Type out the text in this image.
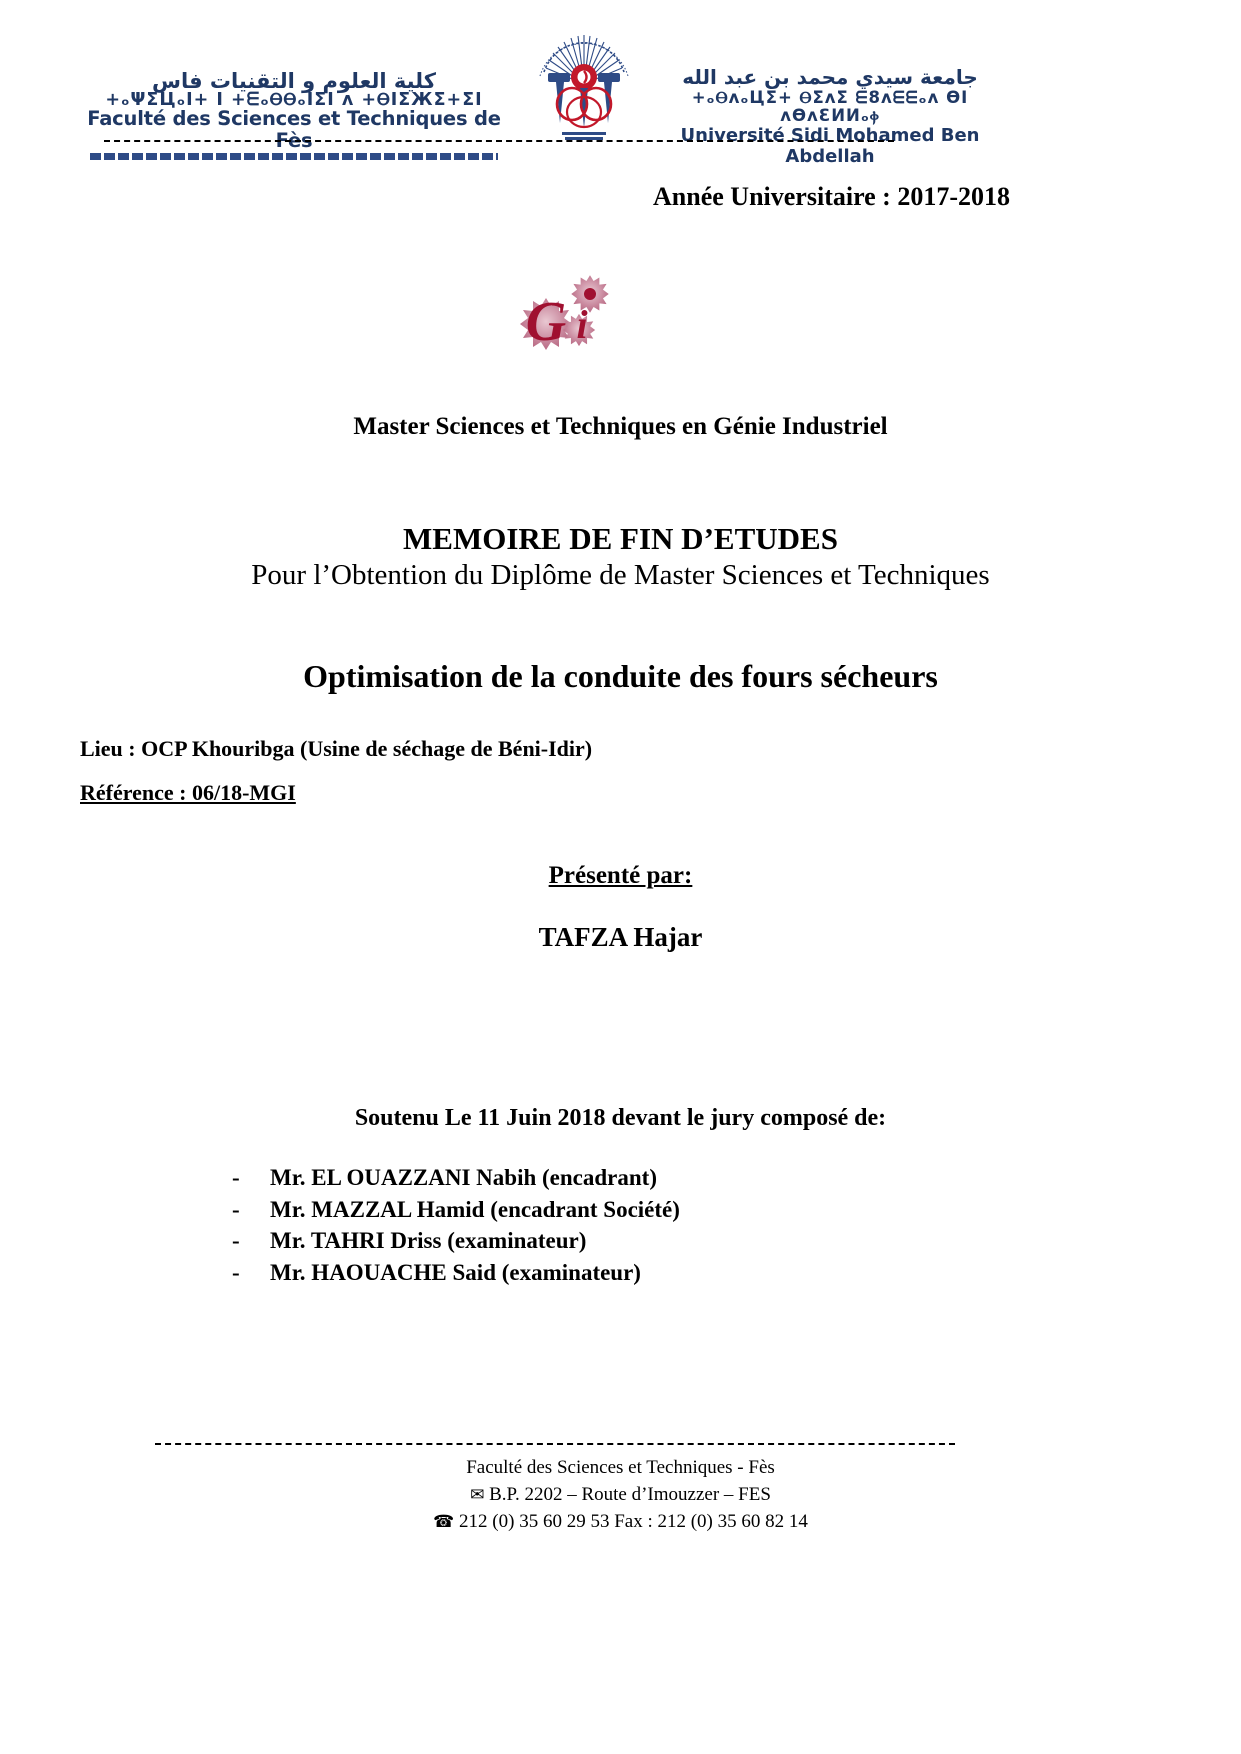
كلية العلوم و التقنيات فاس
+ₒΨΣЦₒI+ I +ᗴₒⲐⲐₒIΣI ᴧ +ⲐIΣЖΣ+ΣI
Faculté des Sciences et Techniques de Fès
جامعة سيدي محمد بن عبد الله
+ₒⲐᴧₒЦΣ+ ⲐΣᴧΣ ᗴ8ᴧᗴᗴₒᴧ ƟI ᴧƟᴧƐИИₒⲫ
Université Sidi Mohamed Ben Abdellah
Année Universitaire : 2017-2018
G i
Master Sciences et Techniques en Génie Industriel
MEMOIRE DE FIN D’ETUDES
Pour l’Obtention du Diplôme de Master Sciences et Techniques
Optimisation de la conduite des fours sécheurs
Lieu : OCP Khouribga (Usine de séchage de Béni-Idir)
Référence : 06/18-MGI
Présenté par:
TAFZA Hajar
Soutenu Le 11 Juin 2018 devant le jury composé de:
-	Mr. EL OUAZZANI Nabih (encadrant)
-	Mr. MAZZAL Hamid (encadrant Société)
-	Mr. TAHRI Driss (examinateur)
-	Mr. HAOUACHE Said (examinateur)
Faculté des Sciences et Techniques - Fès
✉ B.P. 2202 – Route d’Imouzzer – FES
☎ 212 (0) 35 60 29 53 Fax : 212 (0) 35 60 82 14
